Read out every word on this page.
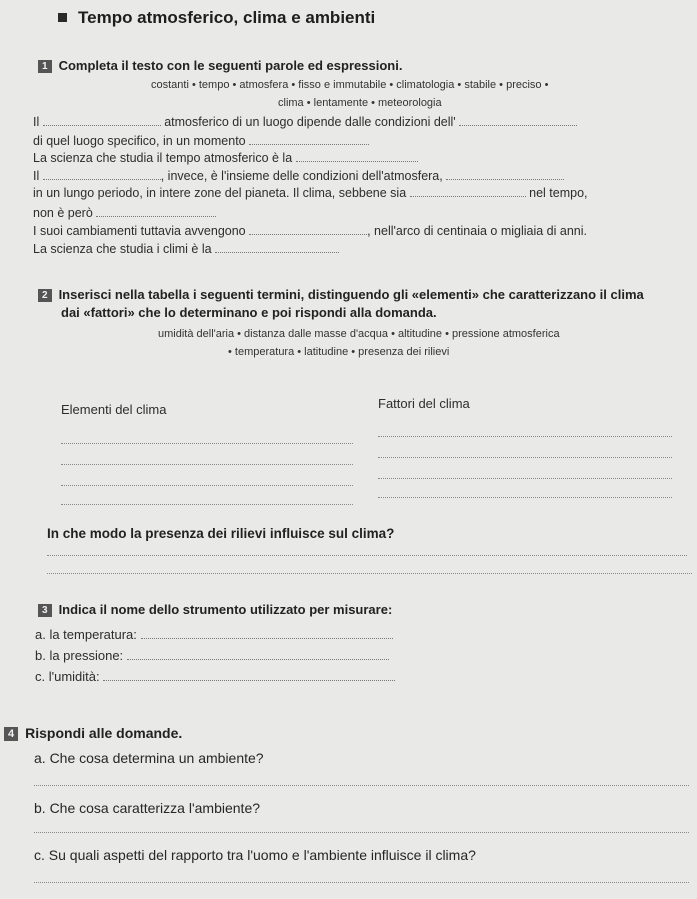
Tempo atmosferico, clima e ambienti
1 Completa il testo con le seguenti parole ed espressioni.
costanti • tempo • atmosfera • fisso e immutabile • climatologia • stabile • preciso •
clima • lentamente • meteorologia
Il	atmosferico di un luogo dipende dalle condizioni dell'
di quel luogo specifico, in un momento
La scienza che studia il tempo atmosferico è la
Il	, invece, è l'insieme delle condizioni dell'atmosfera,
in un lungo periodo, in intere zone del pianeta. Il clima, sebbene sia	nel tempo,
non è però
I suoi cambiamenti tuttavia avvengono	, nell'arco di centinaia o migliaia di anni.
La scienza che studia i climi è la
2 Inserisci nella tabella i seguenti termini, distinguendo gli «elementi» che caratterizzano il clima
dai «fattori» che lo determinano e poi rispondi alla domanda.
umidità dell'aria • distanza dalle masse d'acqua • altitudine • pressione atmosferica
• temperatura • latitudine • presenza dei rilievi
Elementi del clima	Fattori del clima
In che modo la presenza dei rilievi influisce sul clima?
3 Indica il nome dello strumento utilizzato per misurare:
a. la temperatura:
b. la pressione:
c. l'umidità:
4 Rispondi alle domande.
a. Che cosa determina un ambiente?
b. Che cosa caratterizza l'ambiente?
c. Su quali aspetti del rapporto tra l'uomo e l'ambiente influisce il clima?
